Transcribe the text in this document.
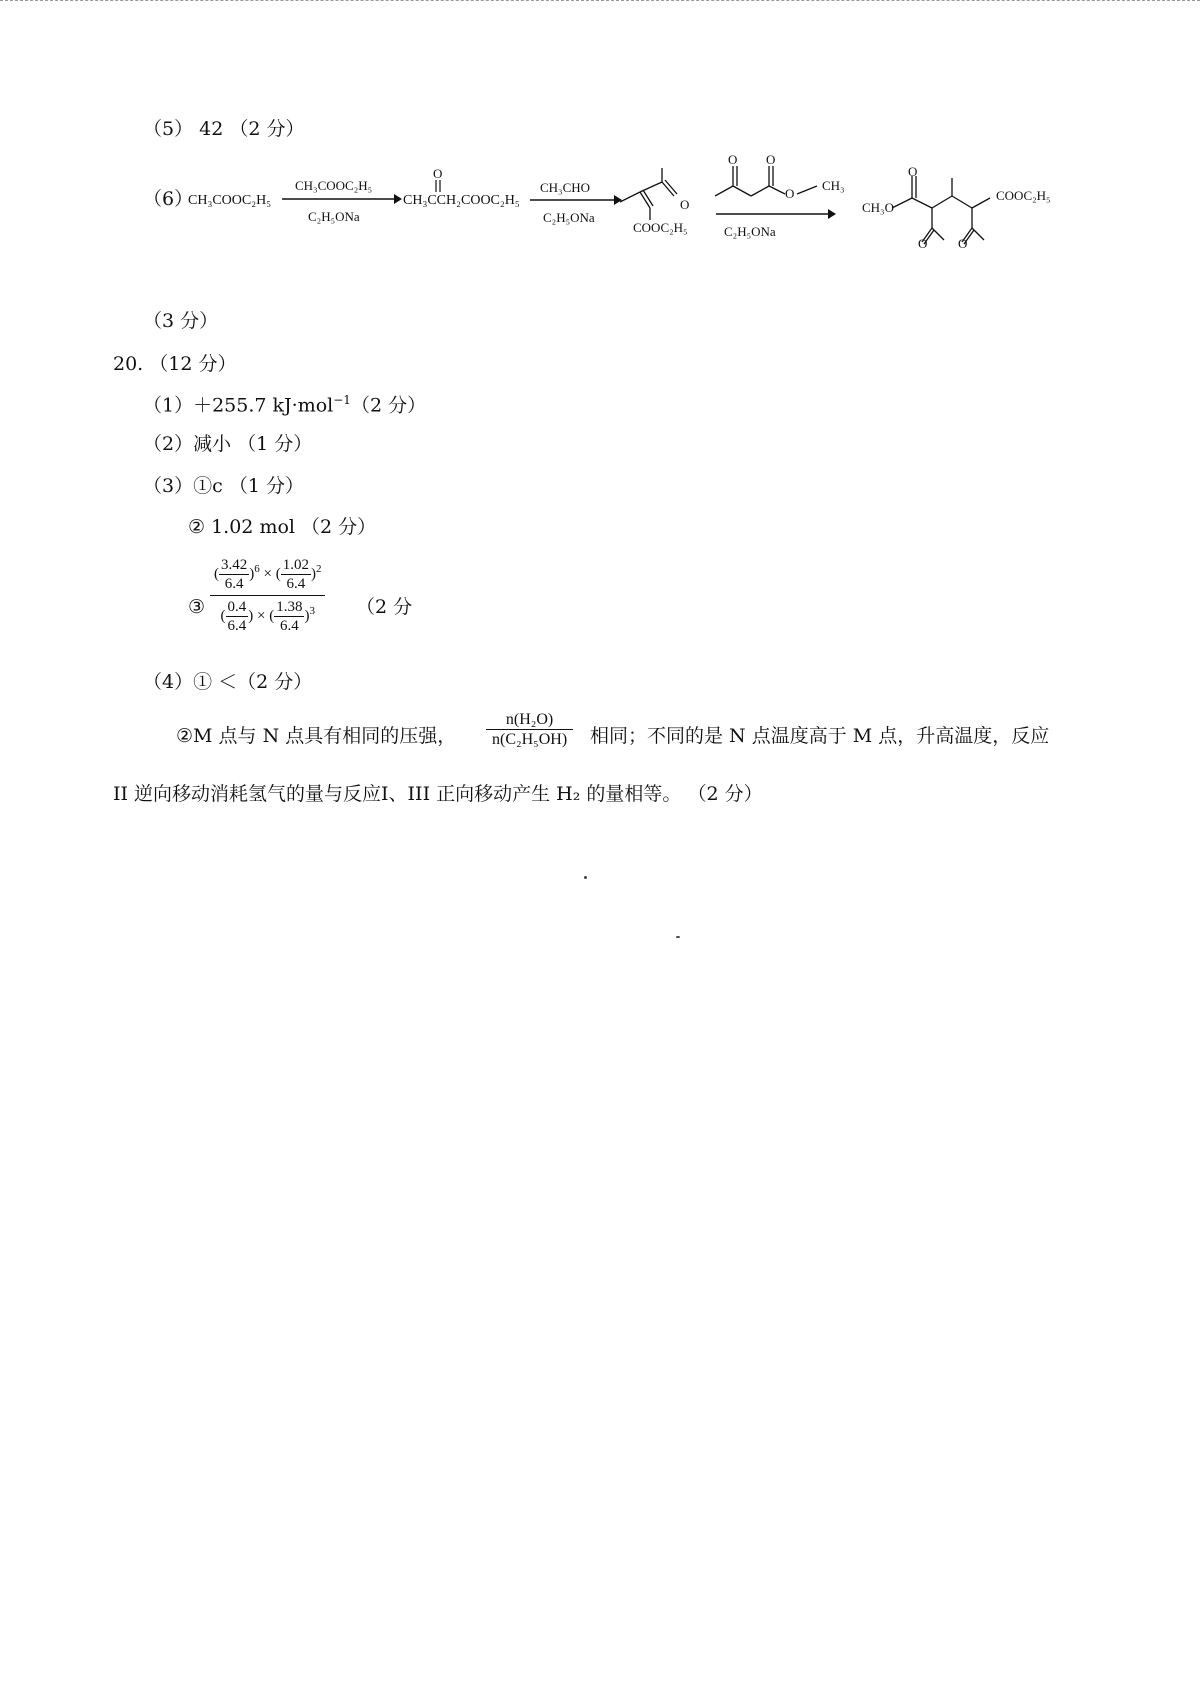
（5） 42 （2 分）
（6）
CH₃COOC₂H₅
CH₃COOC₂H₅
C₂H₅ONa
O
CH₃CCH₂COOC₂H₅
CH₃CHO
C₂H₅ONa
O
COOC₂H₅
O O
O
CH₃
C₂H₅ONa
CH₃O
O
O O
COOC₂H₅
（3 分）
20. （12 分）
（1）＋255.7 kJ·mol$^{-1}$（2 分）
（2）减小 （1 分）
（3）①c （1 分）
② 1.02 mol （2 分）
③ $\frac{( \frac{3.42}{6.4} )^6 \times ( \frac{1.02}{6.4} )^2}{( \frac{0.4}{6.4} ) \times ( \frac{1.38}{6.4} )^3} (2$ 分
（4）① ＜（2 分）
②M 点与 N 点具有相同的压强， $\frac{\text{n(H₂O)}}{\text{n(C₂H₅OH)}}$ 相同；不同的是 N 点温度高于 M 点，升高温度，反应
II 逆向移动消耗氢气的量与反应I、III 正向移动产生 H₂ 的量相等。 （2 分）
